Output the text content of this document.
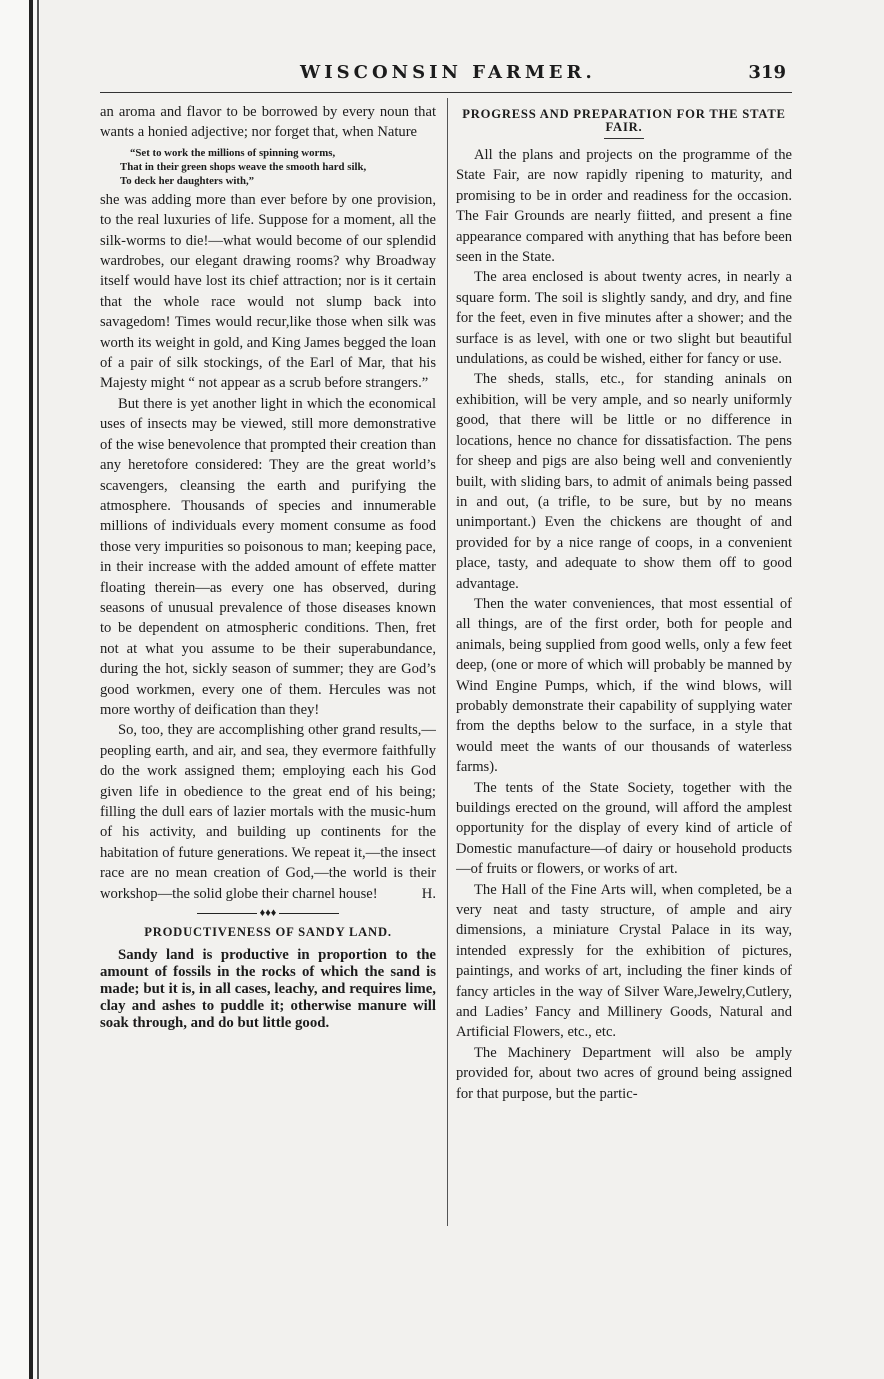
WISCONSIN FARMER.	319

an aroma and flavor to be borrowed by every noun that wants a honied adjective; nor forget that, when Nature

“Set to work the millions of spinning worms,
That in their green shops weave the smooth hard silk,
To deck her daughters with,”

she was adding more than ever before by one provision, to the real luxuries of life. Suppose for a moment, all the silk-worms to die!—what would become of our splendid wardrobes, our elegant drawing rooms? why Broadway itself would have lost its chief attraction; nor is it certain that the whole race would not slump back into savagedom! Times would recur,like those when silk was worth its weight in gold, and King James begged the loan of a pair of silk stockings, of the Earl of Mar, that his Majesty might “ not appear as a scrub before strangers.”

But there is yet another light in which the economical uses of insects may be viewed, still more demonstrative of the wise benevolence that prompted their creation than any heretofore considered: They are the great world’s scavengers, cleansing the earth and purifying the atmosphere. Thousands of species and innumerable millions of individuals every moment consume as food those very impurities so poisonous to man; keeping pace, in their increase with the added amount of effete matter floating therein—as every one has observed, during seasons of unusual prevalence of those diseases known to be dependent on atmospheric conditions. Then, fret not at what you assume to be their superabundance, during the hot, sickly season of summer; they are God’s good workmen, every one of them. Hercules was not more worthy of deification than they!

So, too, they are accomplishing other grand results,—peopling earth, and air, and sea, they evermore faithfully do the work assigned them; employing each his God given life in obedience to the great end of his being; filling the dull ears of lazier mortals with the music-hum of his activity, and building up continents for the habitation of future generations. We repeat it,—the insect race are no mean creation of God,—the world is their workshop—the solid globe their charnel house!	H.

♦♦♦
PRODUCTIVENESS OF SANDY LAND.

Sandy land is productive in proportion to the amount of fossils in the rocks of which the sand is made; but it is, in all cases, leachy, and requires lime, clay and ashes to puddle it; otherwise manure will soak through, and do but little good.

PROGRESS AND PREPARATION FOR THE STATE FAIR.

All the plans and projects on the programme of the State Fair, are now rapidly ripening to maturity, and promising to be in order and readiness for the occasion. The Fair Grounds are nearly fiitted, and present a fine appearance compared with anything that has before been seen in the State.

The area enclosed is about twenty acres, in nearly a square form. The soil is slightly sandy, and dry, and fine for the feet, even in five minutes after a shower; and the surface is as level, with one or two slight but beautiful undulations, as could be wished, either for fancy or use.

The sheds, stalls, etc., for standing aninals on exhibition, will be very ample, and so nearly uniformly good, that there will be little or no difference in locations, hence no chance for dissatisfaction. The pens for sheep and pigs are also being well and conveniently built, with sliding bars, to admit of animals being passed in and out, (a trifle, to be sure, but by no means unimportant.) Even the chickens are thought of and provided for by a nice range of coops, in a convenient place, tasty, and adequate to show them off to good advantage.

Then the water conveniences, that most essential of all things, are of the first order, both for people and animals, being supplied from good wells, only a few feet deep, (one or more of which will probably be manned by Wind Engine Pumps, which, if the wind blows, will probably demonstrate their capability of supplying water from the depths below to the surface, in a style that would meet the wants of our thousands of waterless farms).

The tents of the State Society, together with the buildings erected on the ground, will afford the amplest opportunity for the display of every kind of article of Domestic manufacture—of dairy or household products—of fruits or flowers, or works of art.

The Hall of the Fine Arts will, when completed, be a very neat and tasty structure, of ample and airy dimensions, a miniature Crystal Palace in its way, intended expressly for the exhibition of pictures, paintings, and works of art, including the finer kinds of fancy articles in the way of Silver Ware,Jewelry,Cutlery, and Ladies’ Fancy and Millinery Goods, Natural and Artificial Flowers, etc., etc.

The Machinery Department will also be amply provided for, about two acres of ground being assigned for that purpose, but the partic-
